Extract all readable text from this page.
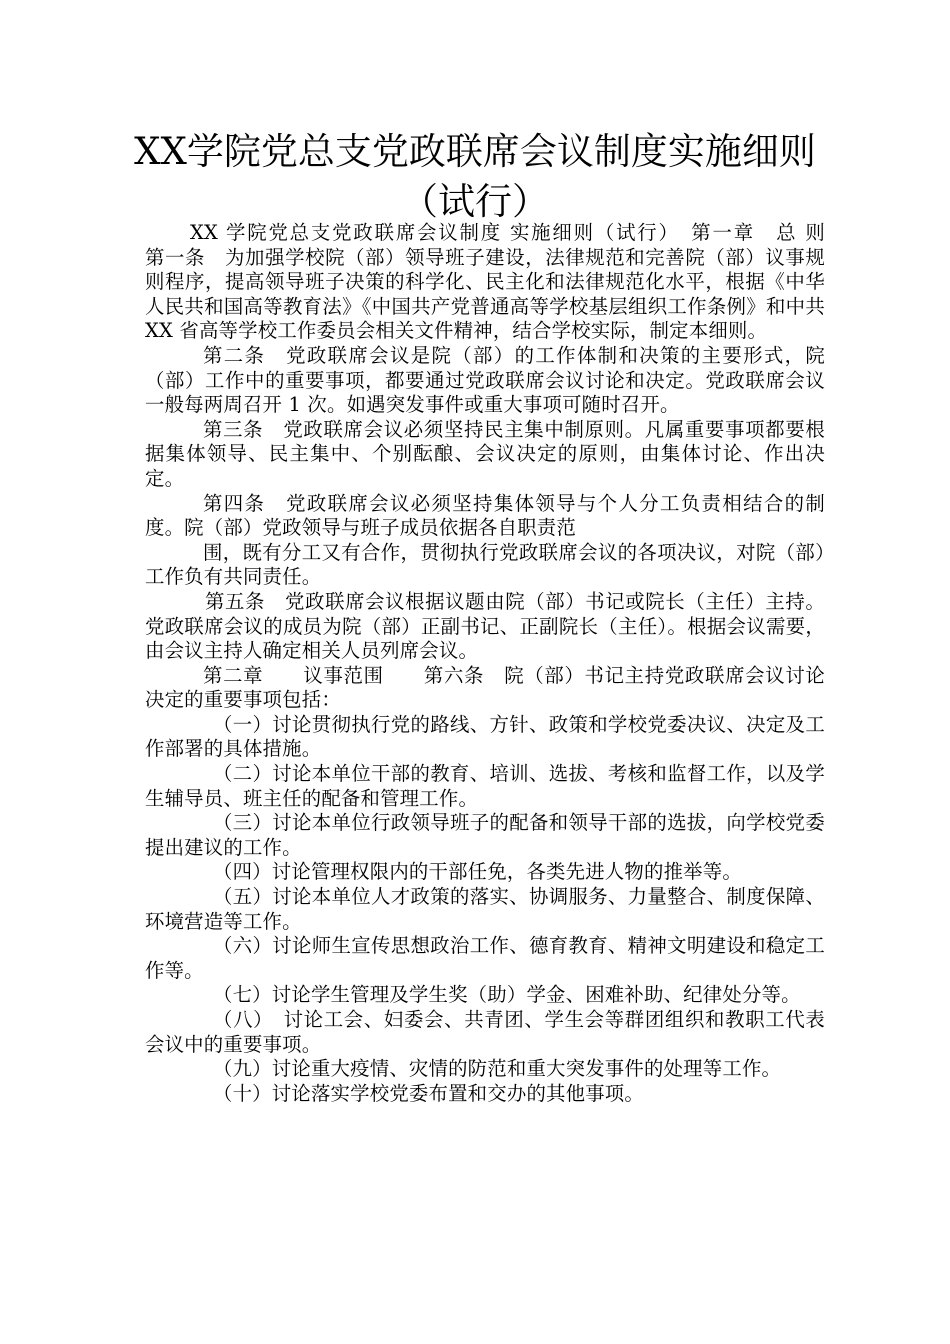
XX学院党总支党政联席会议制度实施细则
（试行）

XX 学院党总支党政联席会议制度 实施细则（试行）　第一章　总 则　　第一条　为加强学校院（部）领导班子建设，法律规范和完善院（部）议事规则程序，提高领导班子决策的科学化、民主化和法律规范化水平，根据《中华人民共和国高等教育法》《中国共产党普通高等学校基层组织工作条例》和中共 XX 省高等学校工作委员会相关文件精神，结合学校实际，制定本细则。

第二条　党政联席会议是院（部）的工作体制和决策的主要形式，院（部）工作中的重要事项，都要通过党政联席会议讨论和决定。党政联席会议一般每两周召开 1 次。如遇突发事件或重大事项可随时召开。

第三条　党政联席会议必须坚持民主集中制原则。凡属重要事项都要根据集体领导、民主集中、个别酝酿、会议决定的原则，由集体讨论、作出决定。

第四条　党政联席会议必须坚持集体领导与个人分工负责相结合的制度。院（部）党政领导与班子成员依据各自职责范

围，既有分工又有合作，贯彻执行党政联席会议的各项决议，对院（部）工作负有共同责任。

第五条　党政联席会议根据议题由院（部）书记或院长（主任）主持。党政联席会议的成员为院（部）正副书记、正副院长（主任）。根据会议需要，由会议主持人确定相关人员列席会议。

第二章　　议事范围　　第六条　院（部）书记主持党政联席会议讨论决定的重要事项包括：

（一）讨论贯彻执行党的路线、方针、政策和学校党委决议、决定及工作部署的具体措施。

（二）讨论本单位干部的教育、培训、选拔、考核和监督工作，以及学生辅导员、班主任的配备和管理工作。

（三）讨论本单位行政领导班子的配备和领导干部的选拔，向学校党委提出建议的工作。

（四）讨论管理权限内的干部任免，各类先进人物的推举等。

（五）讨论本单位人才政策的落实、协调服务、力量整合、制度保障、环境营造等工作。

（六）讨论师生宣传思想政治工作、德育教育、精神文明建设和稳定工作等。

（七）讨论学生管理及学生奖（助）学金、困难补助、纪律处分等。

（八）　讨论工会、妇委会、共青团、学生会等群团组织和教职工代表会议中的重要事项。

（九）讨论重大疫情、灾情的防范和重大突发事件的处理等工作。

（十）讨论落实学校党委布置和交办的其他事项。
